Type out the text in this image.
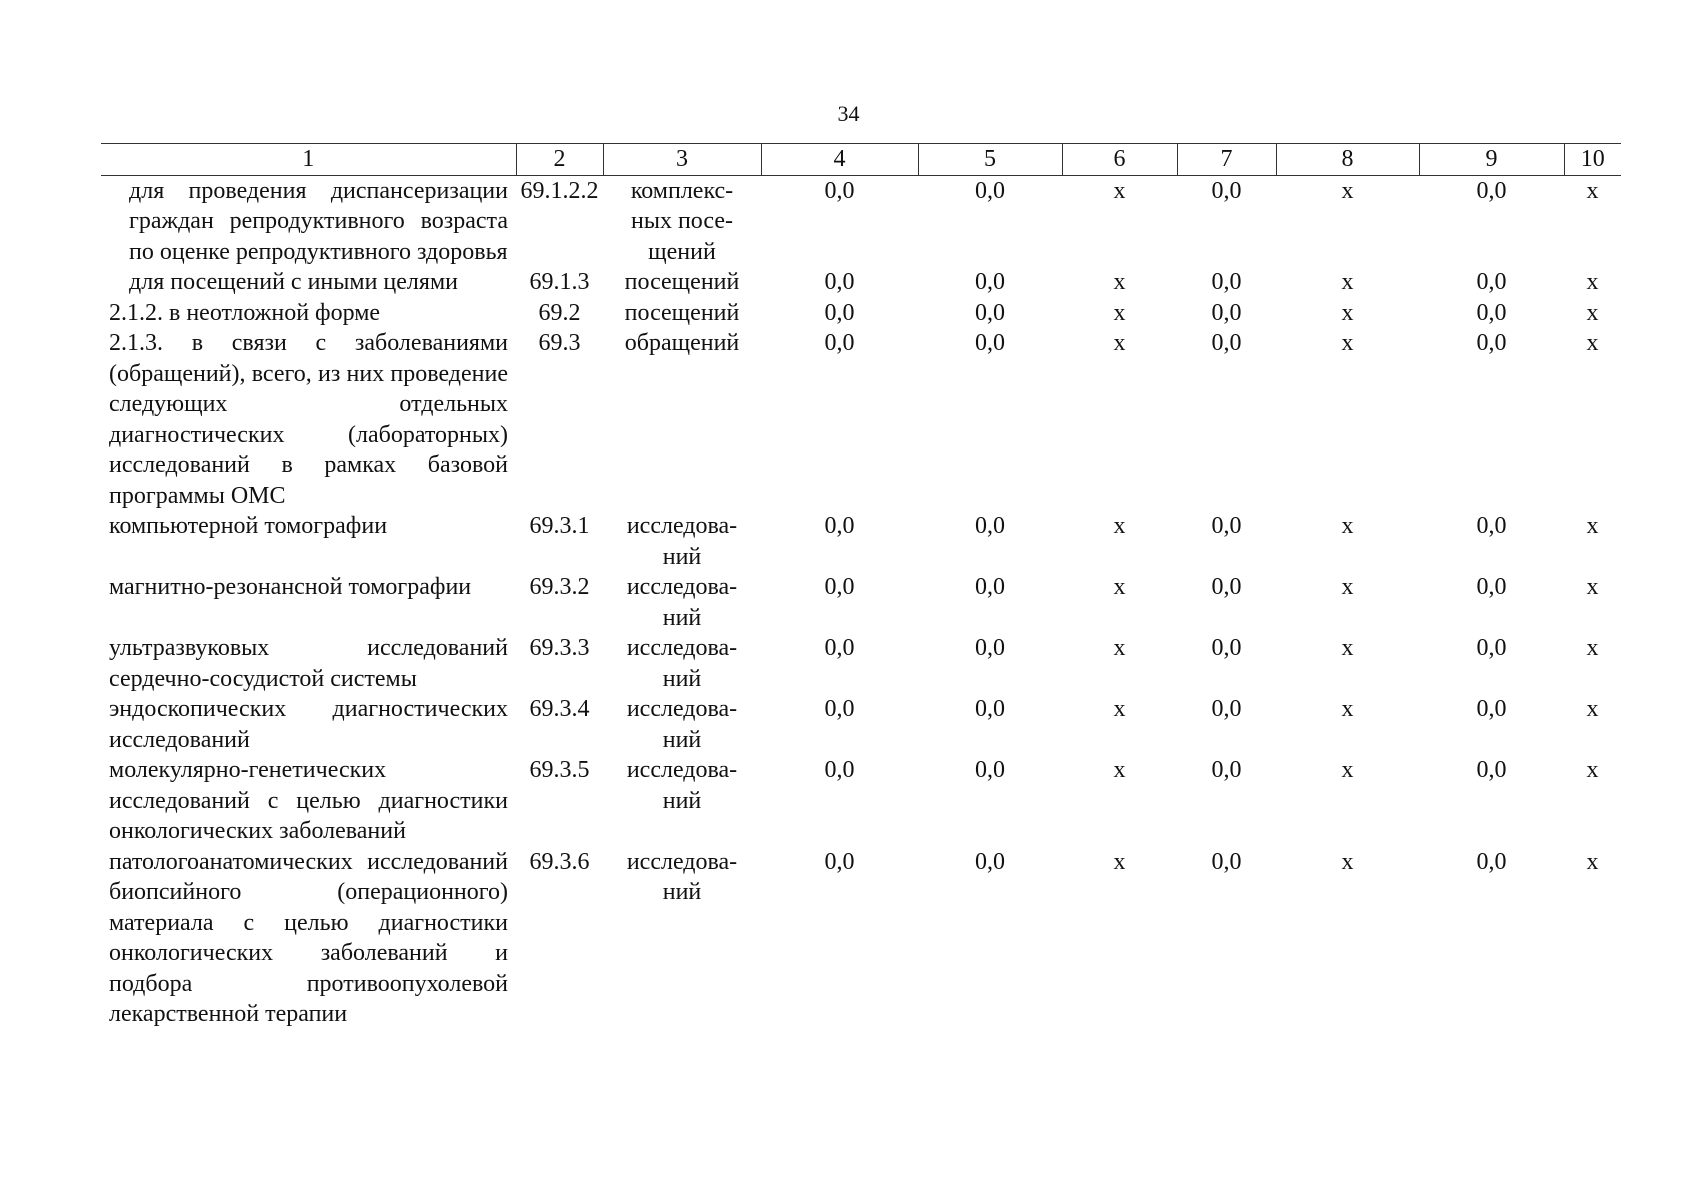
34
1	2	3	4	5	6	7	8	9	10
для проведения диспансеризации граждан репродуктивного возраста по оценке репродуктивного здоровья	69.1.2.2	комплексных посещений	0,0	0,0	х	0,0	х	0,0	х
для посещений с иными целями	69.1.3	посещений	0,0	0,0	х	0,0	х	0,0	х
2.1.2. в неотложной форме	69.2	посещений	0,0	0,0	х	0,0	х	0,0	х
2.1.3. в связи с заболеваниями (обращений), всего, из них проведение следующих отдельных диагностических (лабораторных) исследований в рамках базовой программы ОМС	69.3	обращений	0,0	0,0	х	0,0	х	0,0	х
компьютерной томографии	69.3.1	исследований	0,0	0,0	х	0,0	х	0,0	х
магнитно-резонансной томографии	69.3.2	исследований	0,0	0,0	х	0,0	х	0,0	х
ультразвуковых исследований сердечно-сосудистой системы	69.3.3	исследований	0,0	0,0	х	0,0	х	0,0	х
эндоскопических диагностических исследований	69.3.4	исследований	0,0	0,0	х	0,0	х	0,0	х
молекулярно-генетических исследований с целью диагностики онкологических заболеваний	69.3.5	исследований	0,0	0,0	х	0,0	х	0,0	х
патологоанатомических исследований биопсийного (операционного) материала с целью диагностики онкологических заболеваний и подбора противоопухолевой лекарственной терапии	69.3.6	исследований	0,0	0,0	х	0,0	х	0,0	х
